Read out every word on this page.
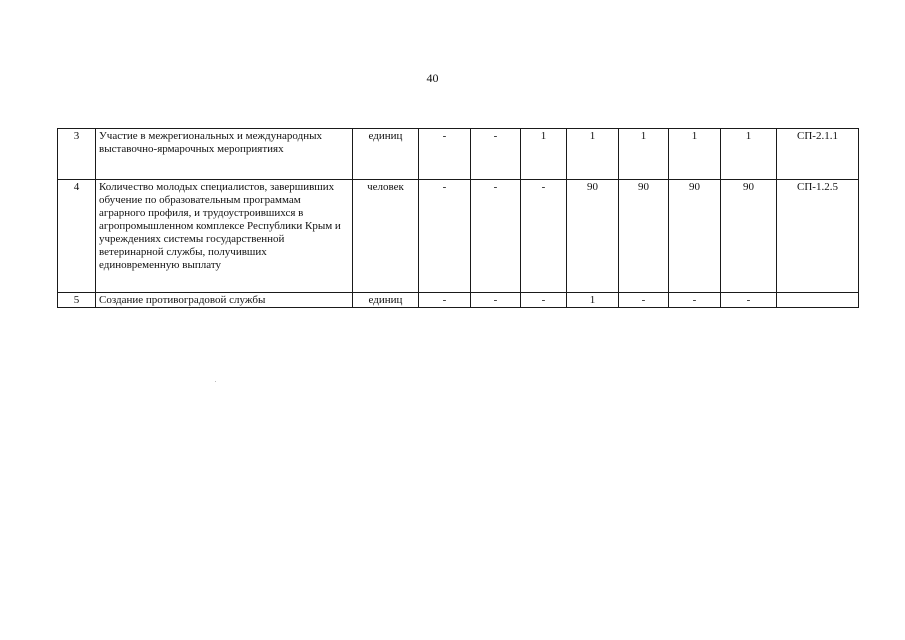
40
3	Участие в межрегиональных и международных выставочно-ярмарочных мероприятиях	единиц	-	-	1	1	1	1	1	СП-2.1.1
4	Количество молодых специалистов, завершивших обучение по образовательным программам аграрного профиля, и трудоустроившихся в агропромышленном комплексе Республики Крым и учреждениях системы государственной ветеринарной службы, получивших единовременную выплату	человек	-	-	-	90	90	90	90	СП-1.2.5
5	Создание противоградовой службы	единиц	-	-	-	1	-	-	-	
